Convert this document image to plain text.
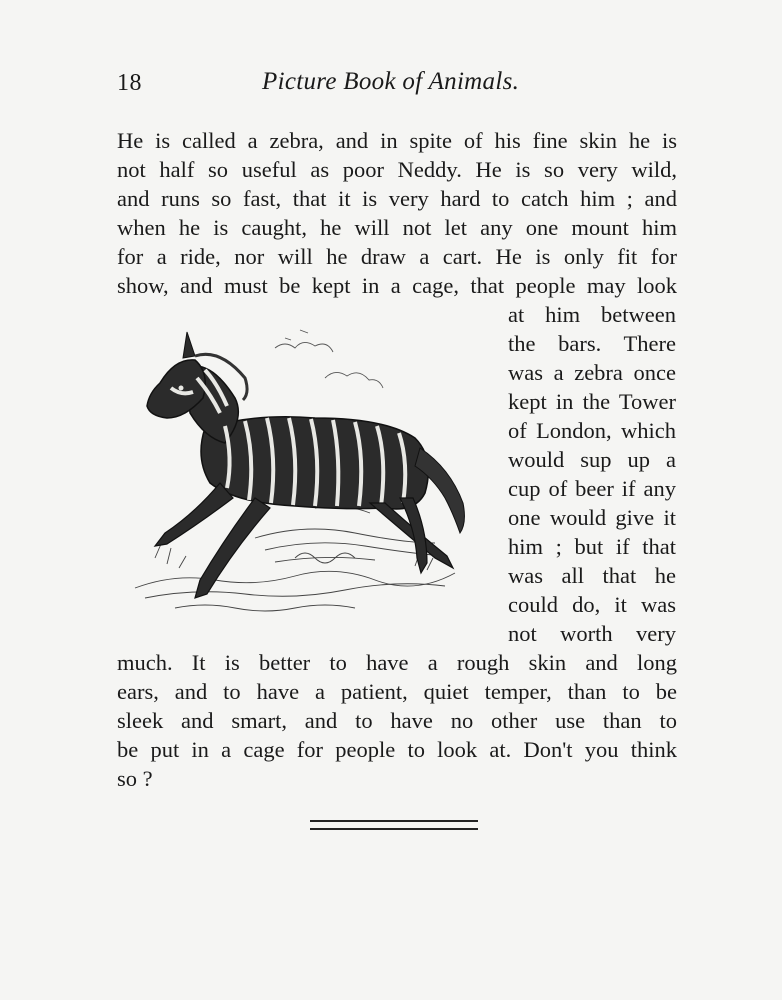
18	Picture Book of Animals.
He is called a zebra, and in spite of his fine skin he is
not half so useful as poor Neddy. He is so very wild,
and runs so fast, that it is very hard to catch him ; and
when he is caught, he will not let any one mount him
for a ride, nor will he draw a cart. He is only fit for
show, and must be kept in a cage, that people may look
at him between
the bars. There
was a zebra once
kept in the Tower
of London, which
would sup up a
cup of beer if any
one would give it
him ; but if that
was all that he
could do, it was
not worth very
much. It is better to have a rough skin and long
ears, and to have a patient, quiet temper, than to be
sleek and smart, and to have no other use than to
be put in a cage for people to look at. Don't you think
so ?
